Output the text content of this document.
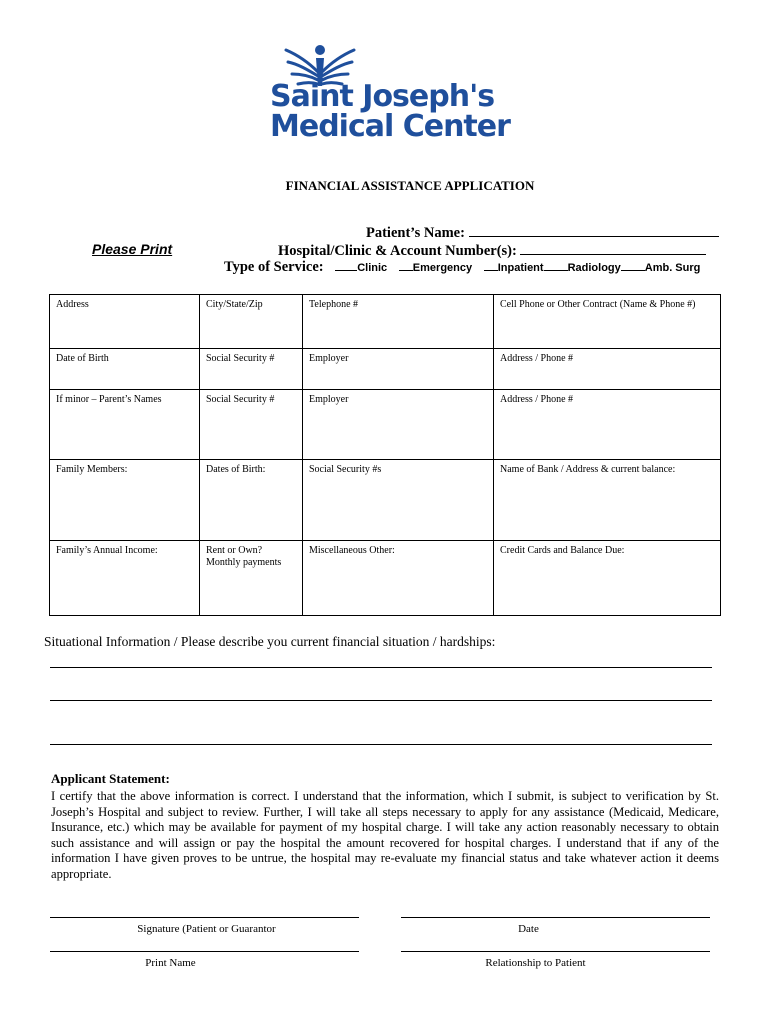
Saint Joseph's
Medical Center
FINANCIAL ASSISTANCE APPLICATION
Please Print
Patient’s Name:
Hospital/Clinic & Account Number(s):
Type of Service:	Clinic Emergency Inpatient Radiology Amb. Surg
Address	City/State/Zip	Telephone #	Cell Phone or Other Contract (Name & Phone #)
Date of Birth	Social Security #	Employer	Address / Phone #
If minor – Parent’s Names	Social Security #	Employer	Address / Phone #
Family Members:	Dates of Birth:	Social Security #s	Name of Bank / Address & current balance:
Family’s Annual Income:	Rent or Own? Monthly payments	Miscellaneous Other:	Credit Cards and Balance Due:
Situational Information / Please describe you current financial situation / hardships:
Applicant Statement:
I certify that the above information is correct. I understand that the information, which I submit, is subject to verification by St. Joseph’s Hospital and subject to review. Further, I will take all steps necessary to apply for any assistance (Medicaid, Medicare, Insurance, etc.) which may be available for payment of my hospital charge. I will take any action reasonably necessary to obtain such assistance and will assign or pay the hospital the amount recovered for hospital charges. I understand that if any of the information I have given proves to be untrue, the hospital may re-evaluate my financial status and take whatever action it deems appropriate.
Signature (Patient or Guarantor	Date
Print Name	Relationship to Patient
